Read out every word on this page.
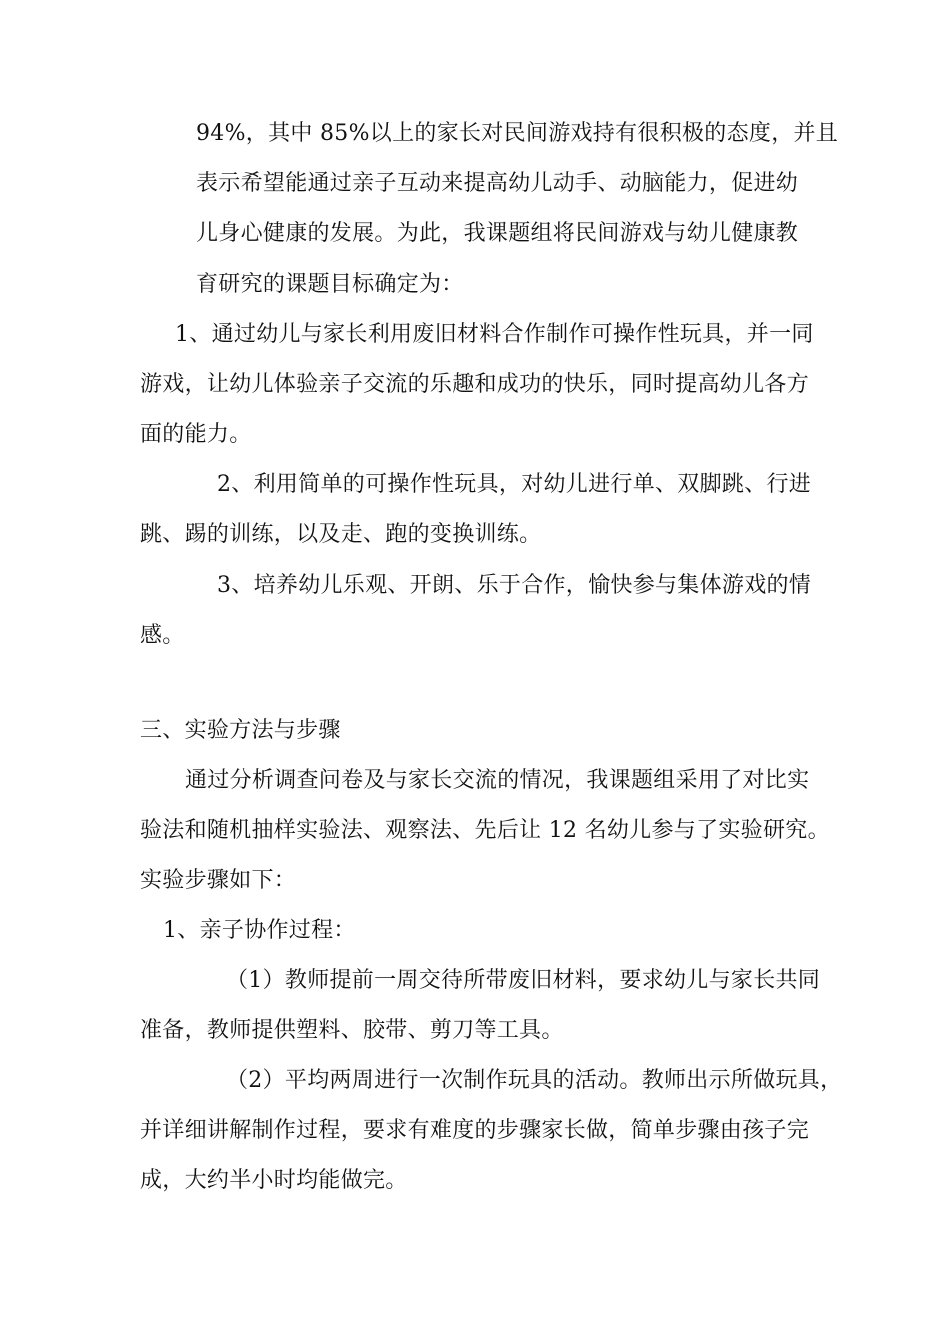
94%，其中 85%以上的家长对民间游戏持有很积极的态度，并且
表示希望能通过亲子互动来提高幼儿动手、动脑能力，促进幼
儿身心健康的发展。为此，我课题组将民间游戏与幼儿健康教
育研究的课题目标确定为：
1、通过幼儿与家长利用废旧材料合作制作可操作性玩具，并一同
游戏，让幼儿体验亲子交流的乐趣和成功的快乐，同时提高幼儿各方
面的能力。
2、利用简单的可操作性玩具，对幼儿进行单、双脚跳、行进
跳、踢的训练，以及走、跑的变换训练。
3、培养幼儿乐观、开朗、乐于合作，愉快参与集体游戏的情
感。
三、实验方法与步骤
通过分析调查问卷及与家长交流的情况，我课题组采用了对比实
验法和随机抽样实验法、观察法、先后让 12 名幼儿参与了实验研究。
实验步骤如下：
1、亲子协作过程：
（1）教师提前一周交待所带废旧材料，要求幼儿与家长共同
准备，教师提供塑料、胶带、剪刀等工具。
（2）平均两周进行一次制作玩具的活动。教师出示所做玩具，
并详细讲解制作过程，要求有难度的步骤家长做，简单步骤由孩子完
成，大约半小时均能做完。
